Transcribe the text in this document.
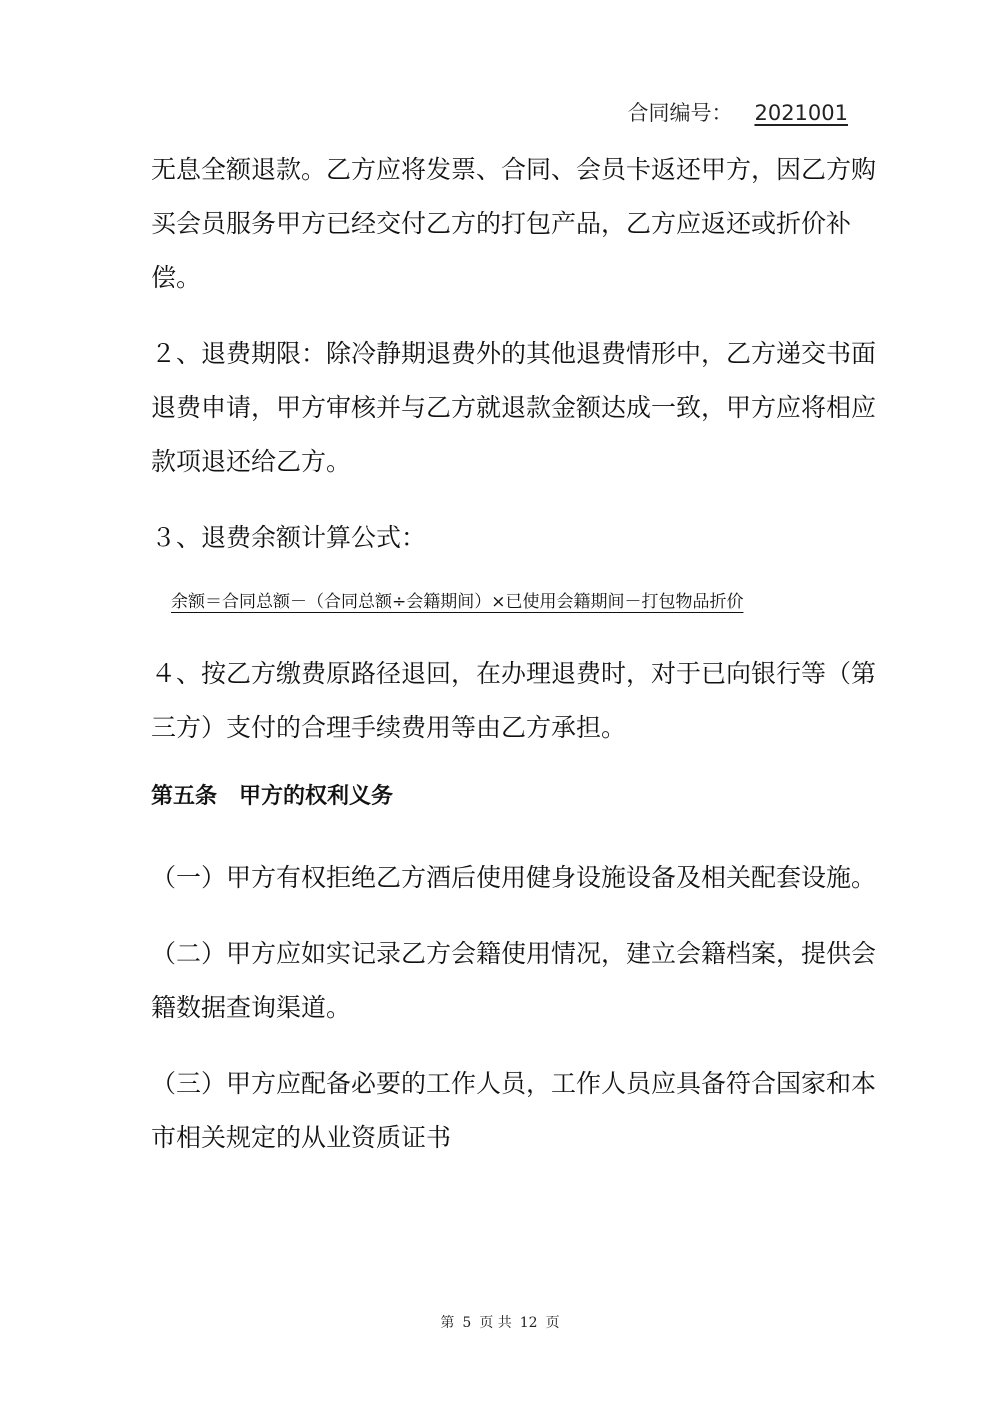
合同编号： 2021001

无息全额退款。乙方应将发票、合同、会员卡返还甲方，因乙方购
买会员服务甲方已经交付乙方的打包产品，乙方应返还或折价补
偿。

２、退费期限：除冷静期退费外的其他退费情形中，乙方递交书面
退费申请，甲方审核并与乙方就退款金额达成一致，甲方应将相应
款项退还给乙方。

３、退费余额计算公式：

余额＝合同总额－（合同总额÷会籍期间）×已使用会籍期间－打包物品折价

４、按乙方缴费原路径退回，在办理退费时，对于已向银行等（第
三方）支付的合理手续费用等由乙方承担。

第五条 甲方的权利义务

（一）甲方有权拒绝乙方酒后使用健身设施设备及相关配套设施。

（二）甲方应如实记录乙方会籍使用情况，建立会籍档案，提供会
籍数据查询渠道。

（三）甲方应配备必要的工作人员，工作人员应具备符合国家和本
市相关规定的从业资质证书

第 5 页 共 12 页
